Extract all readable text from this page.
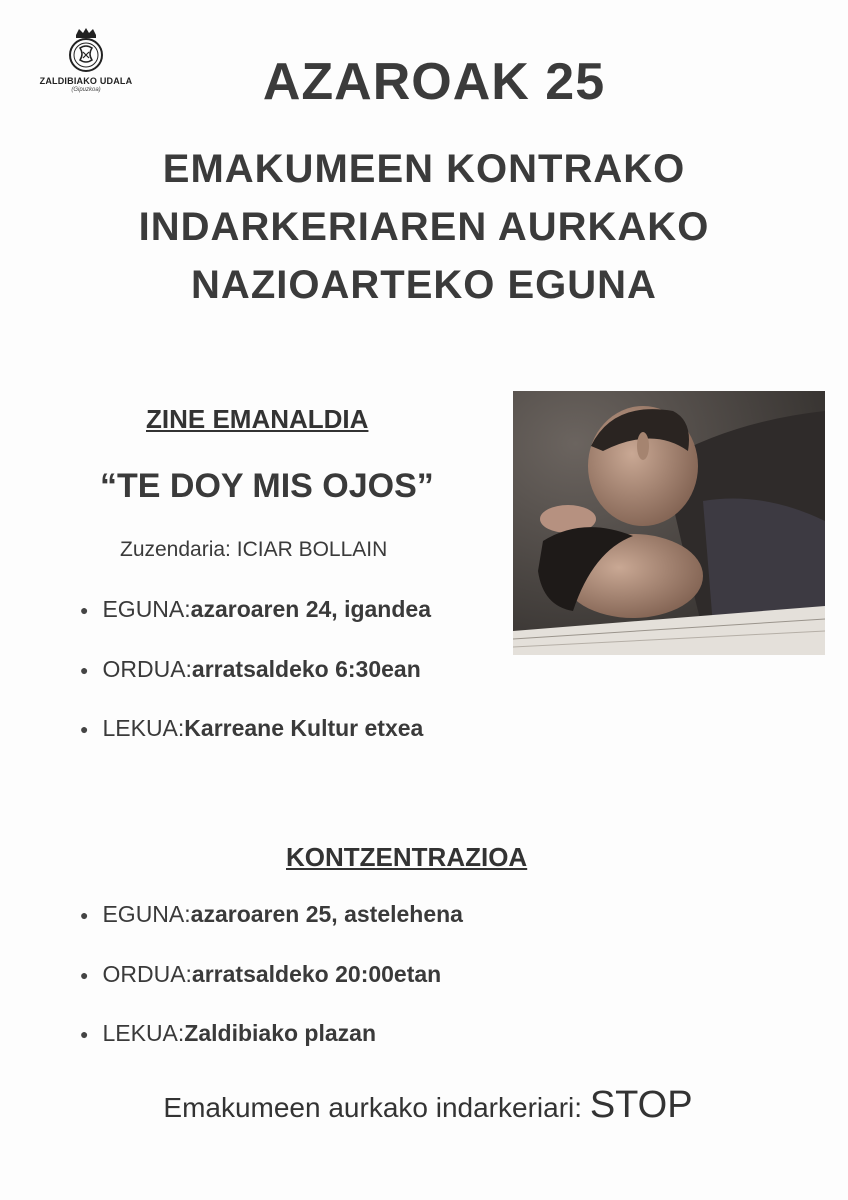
ZALDIBIAKO UDALA
(Gipuzkoa)	AZAROAK 25
EMAKUMEEN KONTRAKO
INDARKERIAREN AURKAKO
NAZIOARTEKO EGUNA
ZINE EMANALDIA
“TE DOY MIS OJOS”
Zuzendaria: ICIAR BOLLAIN
● EGUNA: azaroaren 24, igandea
● ORDUA: arratsaldeko 6:30ean
● LEKUA: Karreane Kultur etxea
KONTZENTRAZIOA
● EGUNA: azaroaren 25, astelehena
● ORDUA: arratsaldeko 20:00etan
● LEKUA: Zaldibiako plazan
Emakumeen aurkako indarkeriari: STOP
